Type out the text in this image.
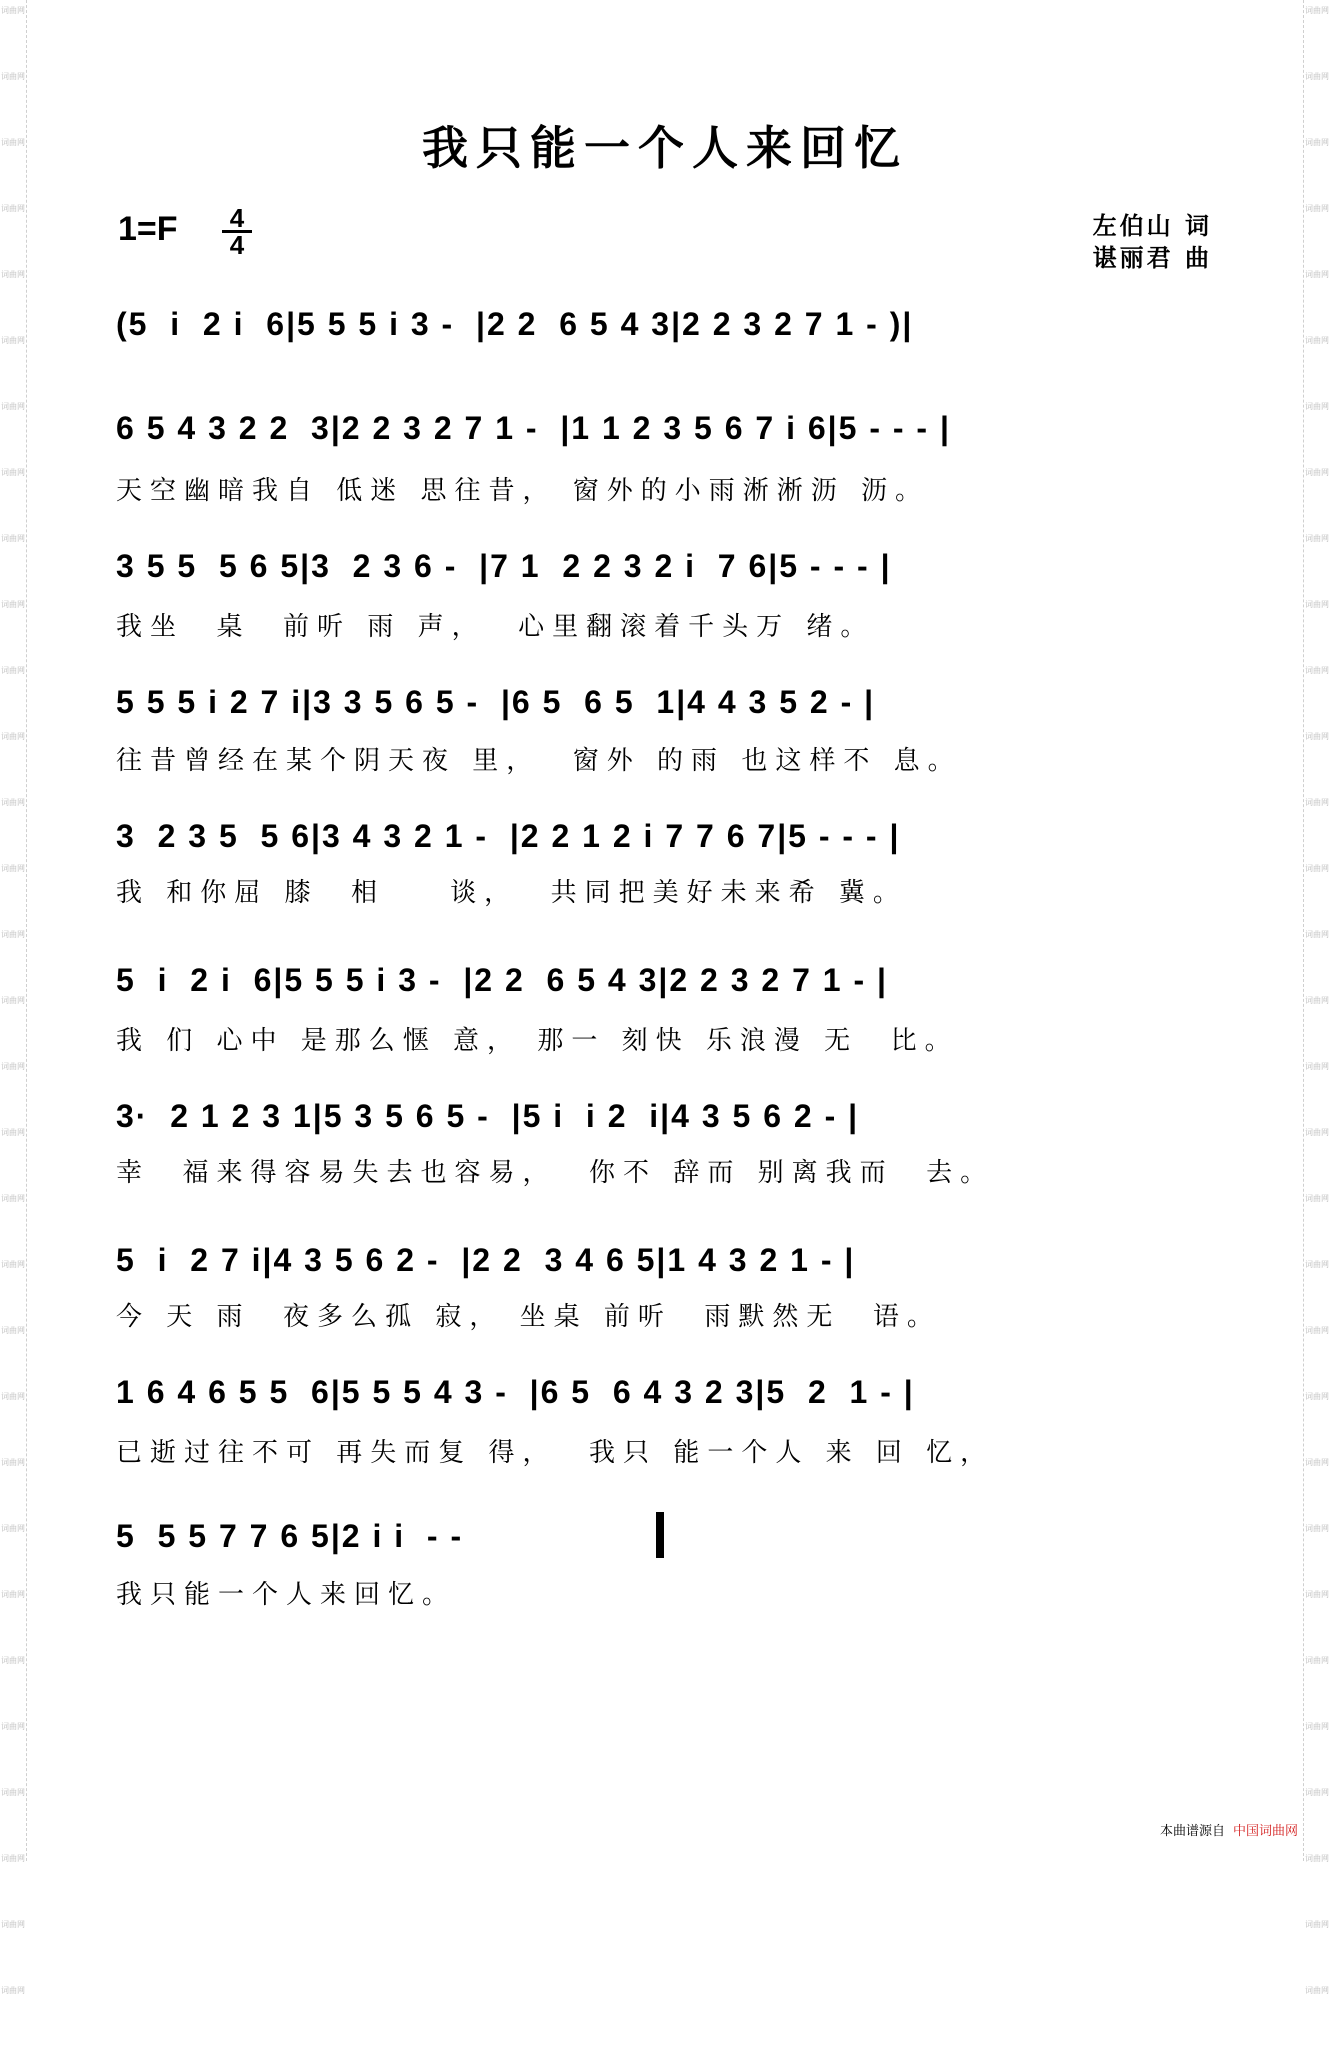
词曲网
词曲网
词曲网
词曲网
词曲网
词曲网
词曲网
词曲网
词曲网
词曲网
词曲网
词曲网
词曲网
词曲网
词曲网
词曲网
词曲网
词曲网
词曲网
词曲网
词曲网
词曲网
词曲网
词曲网
词曲网
词曲网
词曲网
词曲网
词曲网
词曲网
词曲网
词曲网
词曲网
词曲网
词曲网
词曲网
词曲网
词曲网
词曲网
词曲网
词曲网
词曲网
词曲网
词曲网
词曲网
词曲网
词曲网
词曲网
词曲网
词曲网
词曲网
词曲网
词曲网
词曲网
词曲网
词曲网
词曲网
词曲网
词曲网
词曲网
词曲网
词曲网
我只能一个人来回忆
1=F 4
4
左伯山 词
谌丽君 曲
(5  i  2 i  6|5 5 5 i 3 -  |2 2  6 5 4 3|2 2 3 2 7 1 - )|
6 5 4 3 2 2  3|2 2 3 2 7 1 -  |1 1 2 3 5 6 7 i 6|5 - - - |
天空幽暗我自 低迷 思往昔， 窗外的小雨淅淅沥 沥。
3 5 5  5 6 5|3  2 3 6 -  |7 1  2 2 3 2 i  7 6|5 - - - |
我坐  桌  前听 雨 声，  心里翻滚着千头万 绪。
5 5 5 i 2 7 i|3 3 5 6 5 -  |6 5  6 5  1|4 4 3 5 2 - |
往昔曾经在某个阴天夜 里，  窗外 的雨 也这样不 息。
3  2 3 5  5 6|3 4 3 2 1 -  |2 2 1 2 i 7 7 6 7|5 - - - |
我 和你屈 膝  相    谈，  共同把美好未来希 冀。
5  i  2 i  6|5 5 5 i 3 -  |2 2  6 5 4 3|2 2 3 2 7 1 - |
我 们 心中 是那么惬 意， 那一 刻快 乐浪漫 无  比。
3·  2 1 2 3 1|5 3 5 6 5 -  |5 i  i 2  i|4 3 5 6 2 - |
幸  福来得容易失去也容易，  你不 辞而 别离我而  去。
5  i  2 7 i|4 3 5 6 2 -  |2 2  3 4 6 5|1 4 3 2 1 - |
今 天 雨  夜多么孤 寂， 坐桌 前听  雨默然无  语。
1 6 4 6 5 5  6|5 5 5 4 3 -  |6 5  6 4 3 2 3|5  2  1 - |
已逝过往不可 再失而复 得，  我只 能一个人 来 回 忆，
5  5 5 7 7 6 5|2 i i  - -
我只能一个人来回忆。
本曲谱源自 中国词曲网
